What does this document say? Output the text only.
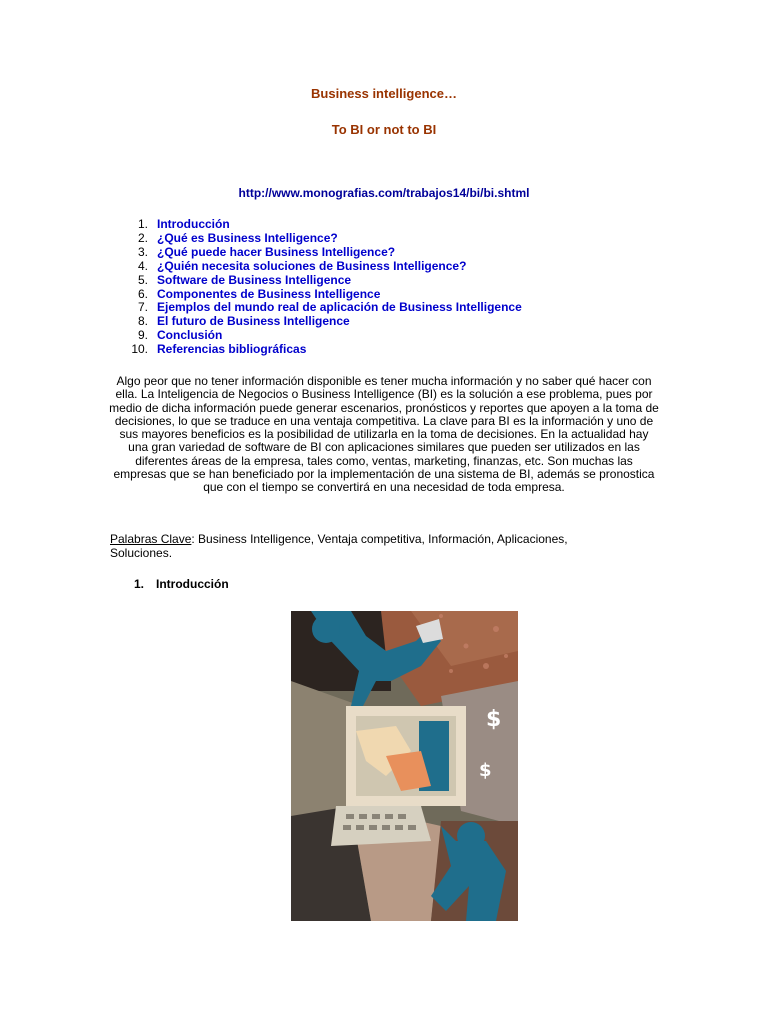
Business intelligence…
To BI or not to BI
http://www.monografias.com/trabajos14/bi/bi.shtml
1. Introducción
2. ¿Qué es Business Intelligence?
3. ¿Qué puede hacer Business Intelligence?
4. ¿Quién necesita soluciones de Business Intelligence?
5. Software de Business Intelligence
6. Componentes de Business Intelligence
7. Ejemplos del mundo real de aplicación de Business Intelligence
8. El futuro de Business Intelligence
9. Conclusión
10. Referencias bibliográficas

Algo peor que no tener información disponible es tener mucha información y no saber qué hacer con ella. La Inteligencia de Negocios o Business Intelligence (BI) es la solución a ese problema, pues por medio de dicha información puede generar escenarios, pronósticos y reportes que apoyen a la toma de decisiones, lo que se traduce en una ventaja competitiva. La clave para BI es la información y uno de sus mayores beneficios es la posibilidad de utilizarla en la toma de decisiones. En la actualidad hay una gran variedad de software de BI con aplicaciones similares que pueden ser utilizados en las diferentes áreas de la empresa, tales como, ventas, marketing, finanzas, etc. Son muchas las empresas que se han beneficiado por la implementación de una sistema de BI, además se pronostica que con el tiempo se convertirá en una necesidad de toda empresa.

Palabras Clave: Business Intelligence, Ventaja competitiva, Información, Aplicaciones, Soluciones.

1. Introducción

$
$
